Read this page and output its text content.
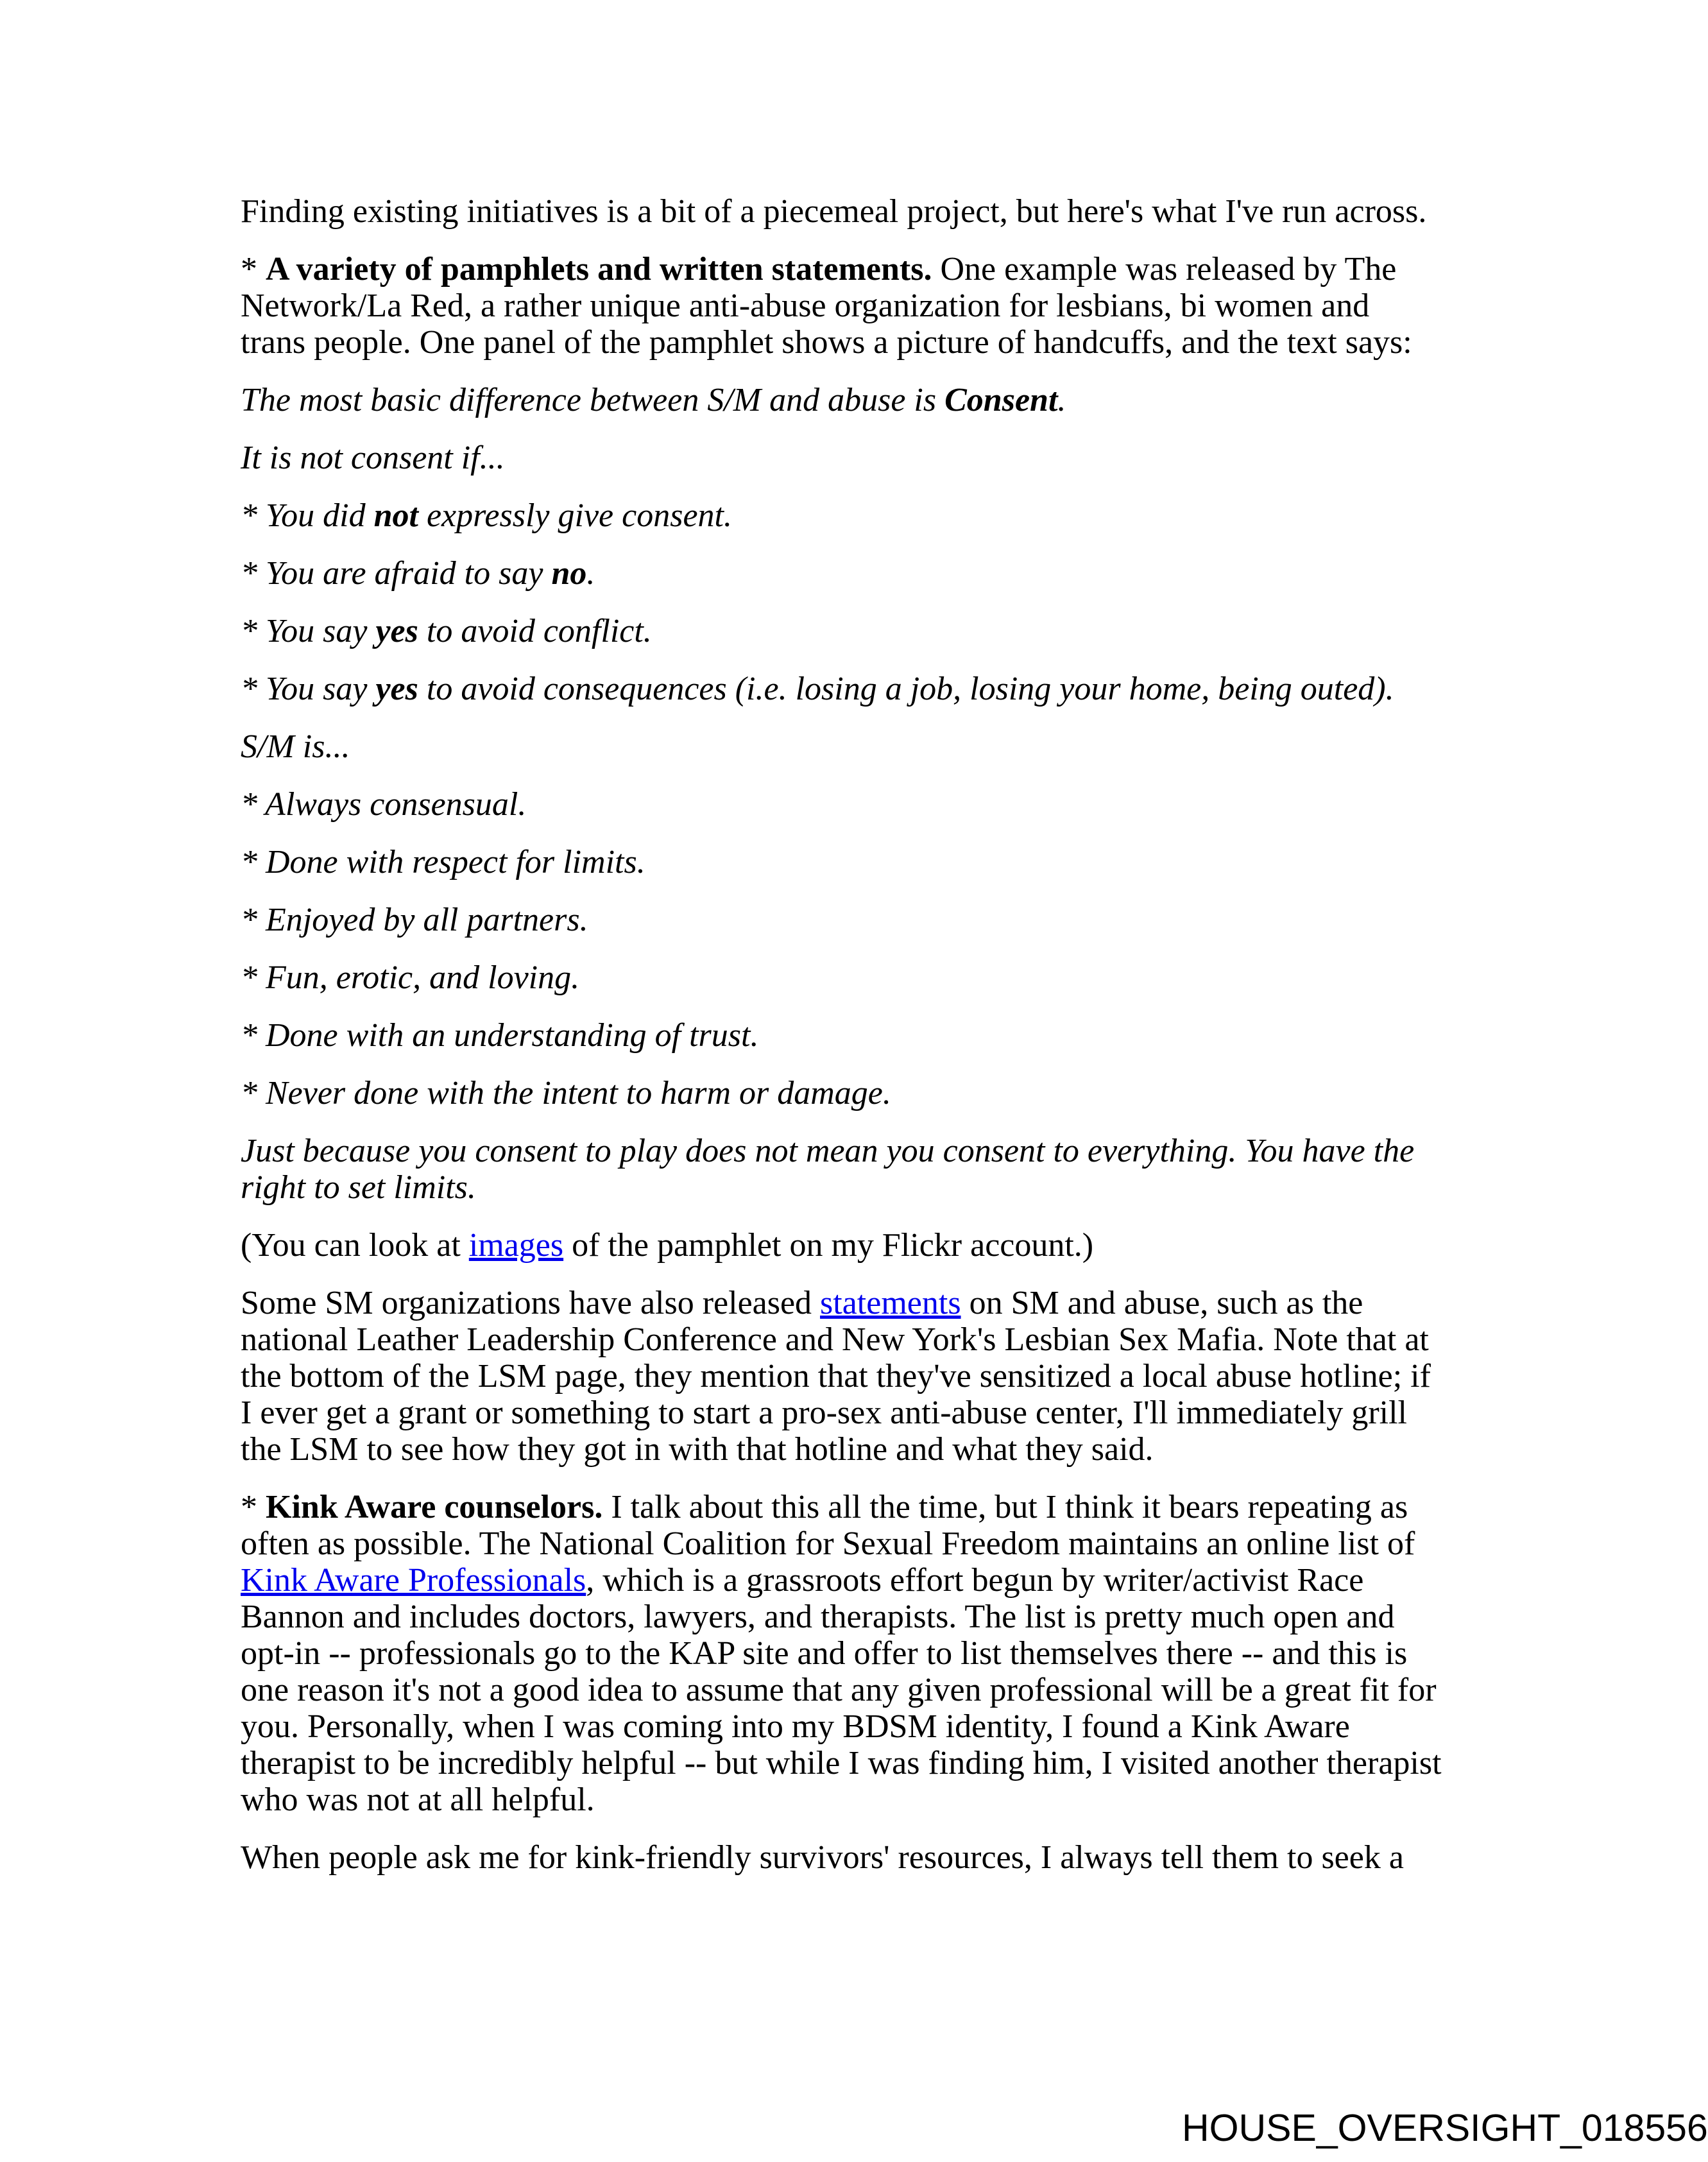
Finding existing initiatives is a bit of a piecemeal project, but here's what I've run across.
* A variety of pamphlets and written statements. One example was released by The
Network/La Red, a rather unique anti-abuse organization for lesbians, bi women and
trans people. One panel of the pamphlet shows a picture of handcuffs, and the text says:
The most basic difference between S/M and abuse is Consent.
It is not consent if...
* You did not expressly give consent.
* You are afraid to say no.
* You say yes to avoid conflict.
* You say yes to avoid consequences (i.e. losing a job, losing your home, being outed).
S/M is...
* Always consensual.
* Done with respect for limits.
* Enjoyed by all partners.
* Fun, erotic, and loving.
* Done with an understanding of trust.
* Never done with the intent to harm or damage.
Just because you consent to play does not mean you consent to everything. You have the
right to set limits.
(You can look at images of the pamphlet on my Flickr account.)
Some SM organizations have also released statements on SM and abuse, such as the
national Leather Leadership Conference and New York's Lesbian Sex Mafia. Note that at
the bottom of the LSM page, they mention that they've sensitized a local abuse hotline; if
I ever get a grant or something to start a pro-sex anti-abuse center, I'll immediately grill
the LSM to see how they got in with that hotline and what they said.
* Kink Aware counselors. I talk about this all the time, but I think it bears repeating as
often as possible. The National Coalition for Sexual Freedom maintains an online list of
Kink Aware Professionals, which is a grassroots effort begun by writer/activist Race
Bannon and includes doctors, lawyers, and therapists. The list is pretty much open and
opt-in -- professionals go to the KAP site and offer to list themselves there -- and this is
one reason it's not a good idea to assume that any given professional will be a great fit for
you. Personally, when I was coming into my BDSM identity, I found a Kink Aware
therapist to be incredibly helpful -- but while I was finding him, I visited another therapist
who was not at all helpful.
When people ask me for kink-friendly survivors' resources, I always tell them to seek a
HOUSE_OVERSIGHT_018556
